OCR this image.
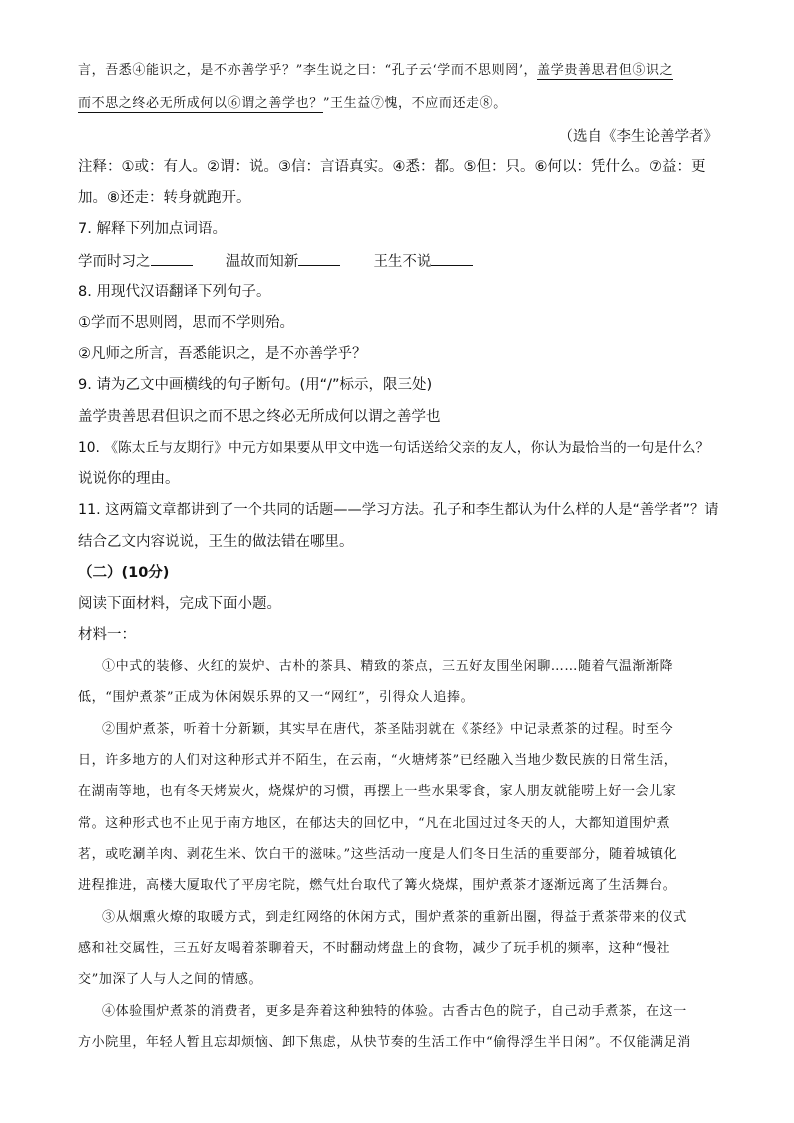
言，吾悉④能识之，是不亦善学乎？”李生说之曰：“孔子云‘学而不思则罔’，盖学贵善思君但⑤识之
而不思之终必无所成何以⑥谓之善学也？”王生益⑦愧，不应而还走⑧。
（选自《李生论善学者》
注释：①或：有人。②谓：说。③信：言语真实。④悉：都。⑤但：只。⑥何以：凭什么。⑦益：更
加。⑧还走：转身就跑开。
7. 解释下列加点词语。
学而时习之	温故而知新	王生不说
8. 用现代汉语翻译下列句子。
①学而不思则罔，思而不学则殆。
②凡师之所言，吾悉能识之，是不亦善学乎？
9. 请为乙文中画横线的句子断句。(用“/”标示，限三处)
盖学贵善思君但识之而不思之终必无所成何以谓之善学也
10. 《陈太丘与友期行》中元方如果要从甲文中选一句话送给父亲的友人，你认为最恰当的一句是什么？
说说你的理由。
11. 这两篇文章都讲到了一个共同的话题——学习方法。孔子和李生都认为什么样的人是“善学者”？请
结合乙文内容说说，王生的做法错在哪里。
（二）(10分)
阅读下面材料，完成下面小题。
材料一：
①中式的装修、火红的炭炉、古朴的茶具、精致的茶点，三五好友围坐闲聊……随着气温渐渐降
低，“围炉煮茶”正成为休闲娱乐界的又一“网红”，引得众人追捧。
②围炉煮茶，听着十分新颖，其实早在唐代，茶圣陆羽就在《茶经》中记录煮茶的过程。时至今
日，许多地方的人们对这种形式并不陌生，在云南，“火塘烤茶”已经融入当地少数民族的日常生活，
在湖南等地，也有冬天烤炭火，烧煤炉的习惯，再摆上一些水果零食，家人朋友就能唠上好一会儿家
常。这种形式也不止见于南方地区，在郁达夫的回忆中，“凡在北国过过冬天的人，大都知道围炉煮
茗，或吃涮羊肉、剥花生米、饮白干的滋味。”这些活动一度是人们冬日生活的重要部分，随着城镇化
进程推进，高楼大厦取代了平房宅院，燃气灶台取代了篝火烧煤，围炉煮茶才逐渐远离了生活舞台。
③从烟熏火燎的取暖方式，到走红网络的休闲方式，围炉煮茶的重新出圈，得益于煮茶带来的仪式
感和社交属性，三五好友喝着茶聊着天，不时翻动烤盘上的食物，减少了玩手机的频率，这种“慢社
交”加深了人与人之间的情感。
④体验围炉煮茶的消费者，更多是奔着这种独特的体验。古香古色的院子，自己动手煮茶，在这一
方小院里，年轻人暂且忘却烦恼、卸下焦虑，从快节奏的生活工作中“偷得浮生半日闲”。不仅能满足消
